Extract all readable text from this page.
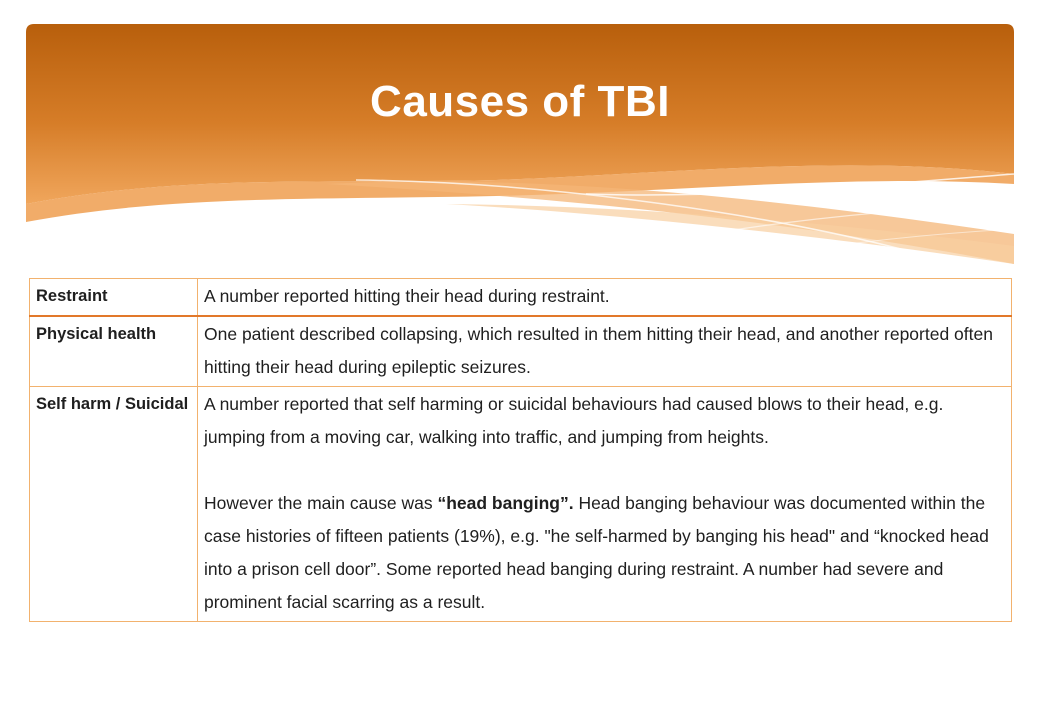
Causes of TBI
Restraint	A number reported hitting their head during restraint.
Physical health	One patient described collapsing, which resulted in them hitting their head, and another reported often hitting their head during epileptic seizures.
Self harm / Suicidal	A number reported that self harming or suicidal behaviours had caused blows to their head, e.g. jumping from a moving car, walking into traffic, and jumping from heights.
However the main cause was “head banging”. Head banging behaviour was documented within the case histories of fifteen patients (19%), e.g. "he self-harmed by banging his head" and “knocked head into a prison cell door”. Some reported head banging during restraint. A number had severe and prominent facial scarring as a result.
